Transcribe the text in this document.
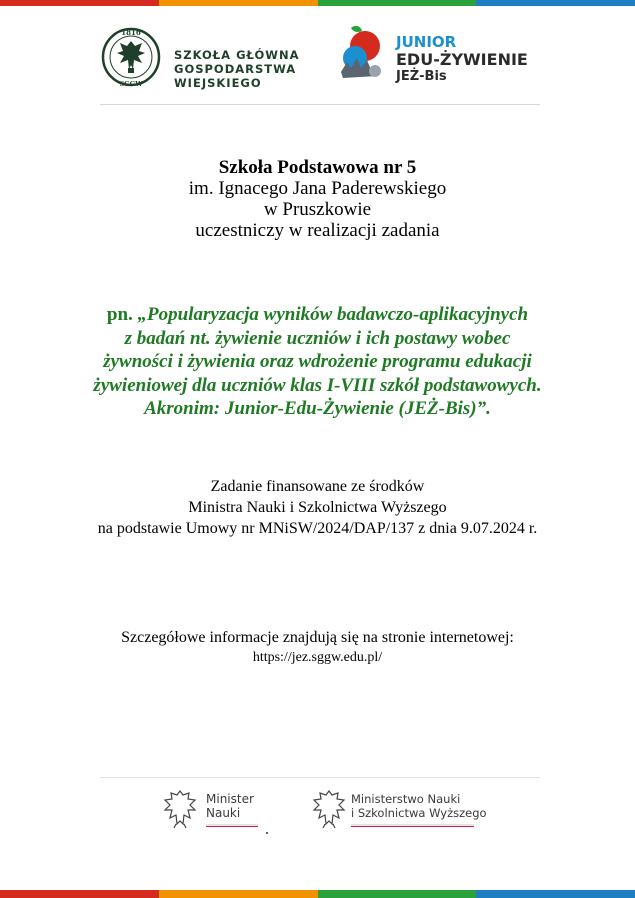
1816
SGGW
SZKOŁA GŁÓWNA
GOSPODARSTWA
WIEJSKIEGO
JUNIOR
EDU-ŻYWIENIE
JEŻ-Bis
Szkoła Podstawowa nr 5
im. Ignacego Jana Paderewskiego
w Pruszkowie
uczestniczy w realizacji zadania
pn. „Popularyzacja wyników badawczo-aplikacyjnych
z badań nt. żywienie uczniów i ich postawy wobec
żywności i żywienia oraz wdrożenie programu edukacji
żywieniowej dla uczniów klas I-VIII szkół podstawowych.
Akronim: Junior-Edu-Żywienie (JEŻ-Bis)”.
Zadanie finansowane ze środków
Ministra Nauki i Szkolnictwa Wyższego
na podstawie Umowy nr MNiSW/2024/DAP/137 z dnia 9.07.2024 r.
Szczegółowe informacje znajdują się na stronie internetowej:
https://jez.sggw.edu.pl/
Minister
Nauki
Ministerstwo Nauki
i Szkolnictwa Wyższego
